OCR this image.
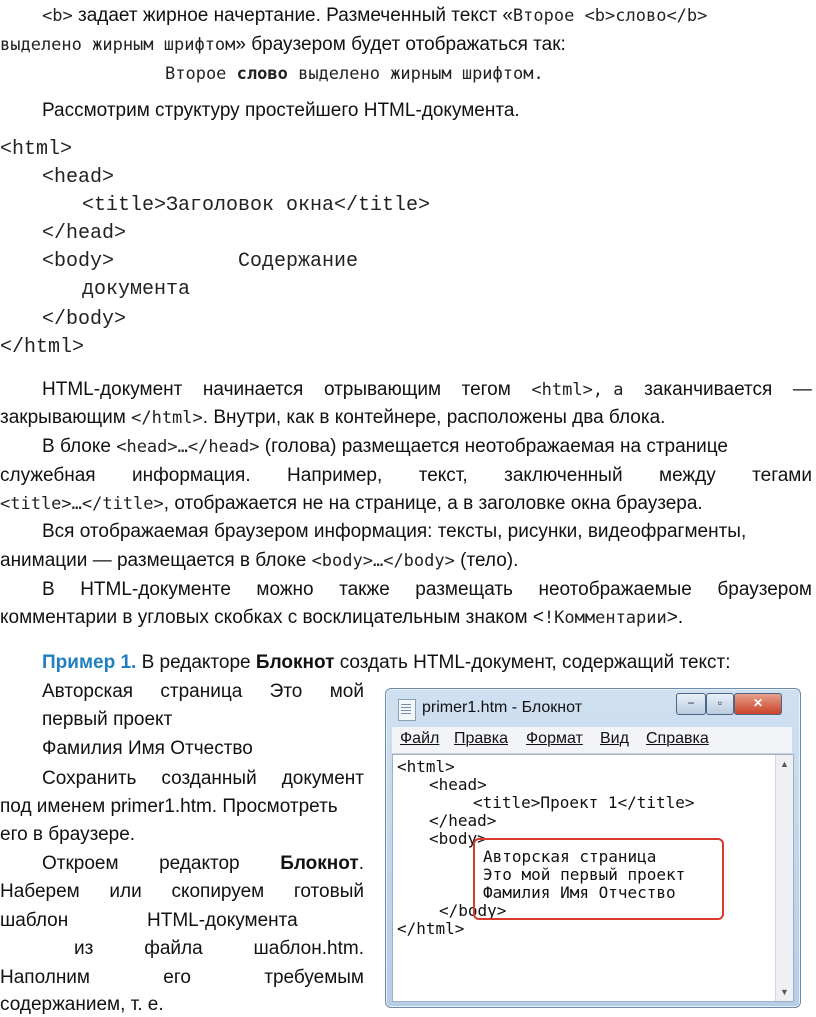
<b> задает жирное начертание. Размеченный текст «Второе <b>слово</b>
выделено жирным шрифтом» браузером будет отображаться так:
Второе слово выделено жирным шрифтом.
Рассмотрим структуру простейшего HTML-документа.
<html>
<head>
<title>Заголовок окна</title>
</head>
<body>	Содержание
документа
</body>
</html>
HTML-документ начинается отрывающим тегом <html>, а заканчивается —
закрывающим </html>. Внутри, как в контейнере, расположены два блока.
В блоке <head>…</head> (голова) размещается неотображаемая на странице
служебная информация. Например, текст, заключенный между тегами
<title>…</title>, отображается не на странице, а в заголовке окна браузера.
Вся отображаемая браузером информация: тексты, рисунки, видеофрагменты,
анимации — размещается в блоке <body>…</body> (тело).
В HTML-документе можно также размещать неотображаемые браузером
комментарии в угловых скобках с восклицательным знаком <!Комментарии>.
Пример 1. В редакторе Блокнот создать HTML-документ, содержащий текст:
Авторская страница Это мой
первый проект
Фамилия Имя Отчество
Сохранить созданный документ
под именем primer1.htm. Просмотреть
его в браузере.
Откроем редактор Блокнот.
Наберем или скопируем готовый
шаблон	HTML-документа
из	файла	шаблон.htm.
Наполним	его	требуемым
содержанием, т. е.
primer1.htm - Блокнот	−	▫	✕
Файл Правка Формат Вид Справка
<html>
<head>
<title>Проект 1</title>
</head>
<body>
Авторская страница
Это мой первый проект
Фамилия Имя Отчество
</body>
</html>
▲
▼
